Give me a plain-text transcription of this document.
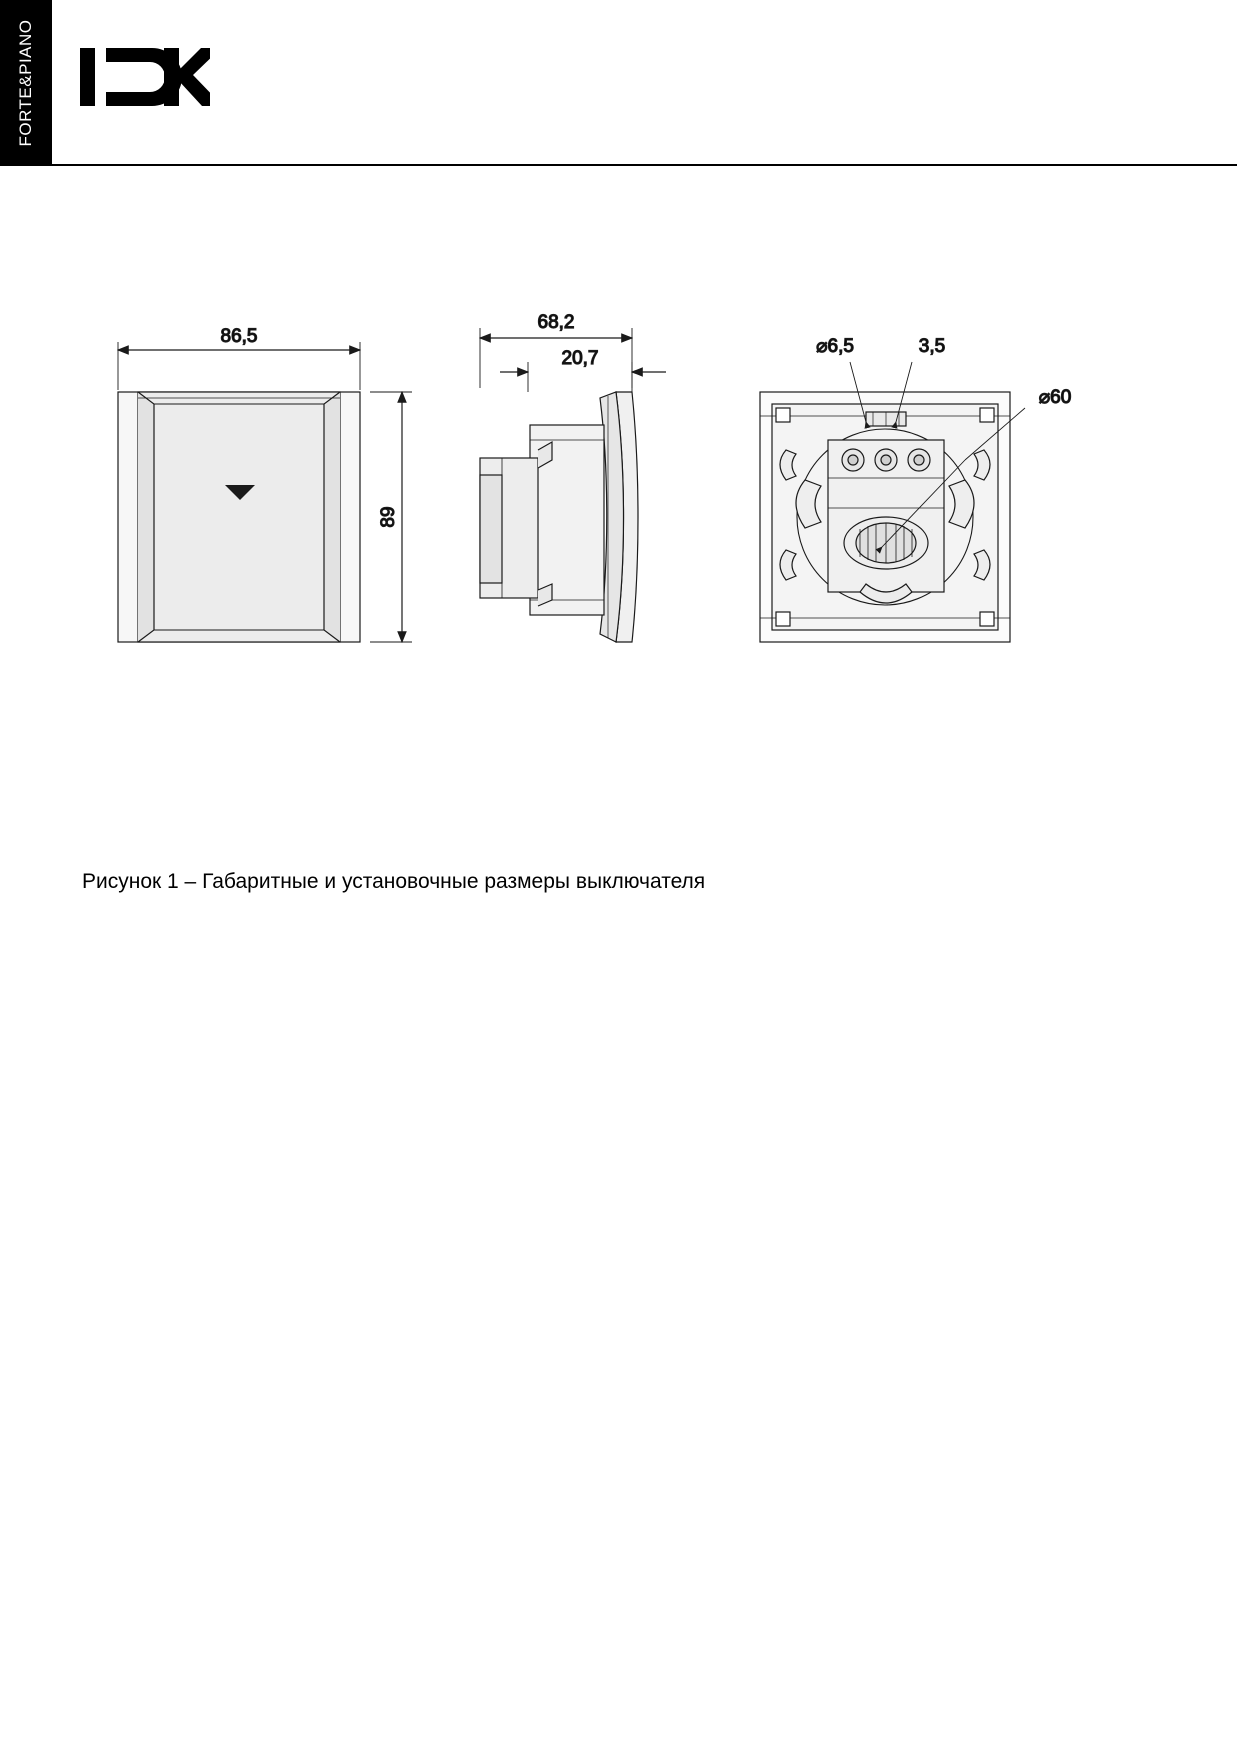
FORTE&PIANO
86,5
89
68,2
20,7
⌀6,5	3,5
⌀60
Рисунок 1 – Габаритные и установочные размеры выключателя
